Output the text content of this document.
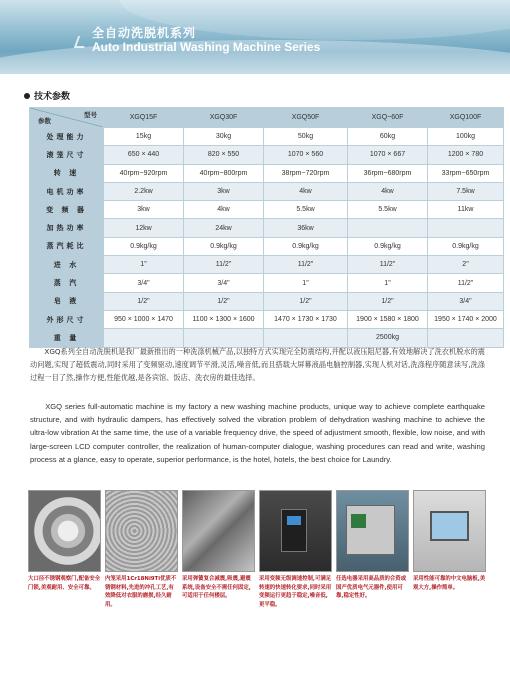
全自动洗脱机系列
Auto Industrial Washing Machine Series
技术参数
型号
参数	XGQ15F	XGQ30F	XGQ50F	XGQ~60F	XGQ100F
处理能力	15kg	30kg	50kg	60kg	100kg
滚笼尺寸	650 × 440	820 × 550	1070 × 560	1070 × 667	1200 × 780
转 速	40rpm~920rpm	40rpm~800rpm	38rpm~720rpm	36rpm~680rpm	33rpm~650rpm
电机功率	2.2kw	3kw	4kw	4kw	7.5kw
变 频 器	3kw	4kw	5.5kw	5.5kw	11kw
加热功率	12kw	24kw	36kw		
蒸汽耗比	0.9kg/kg	0.9kg/kg	0.9kg/kg	0.9kg/kg	0.9kg/kg
进 水	1"	11/2"	11/2"	11/2"	2"
蒸 汽	3/4"	3/4"	1"	1"	11/2"
皂 液	1/2"	1/2"	1/2"	1/2"	3/4"
外形尺寸	950 × 1000 × 1470	1100 × 1300 × 1600	1470 × 1730 × 1730	1900 × 1580 × 1800	1950 × 1740 × 2000
重 量				2500kg	
XGQ系列全自动洗脱机是我厂最新推出的一种洗涤机械产品,以独特方式实现完全防震结构,并配以液压阻尼器,有效地解决了洗衣机脱水的震动问题,实现了超低震动,同时采用了变频驱动,速度调节平滑,灵活,噪音低,而且搭载大屏幕液晶电脑控制器,实现人机对话,洗涤程序随意读写,洗涤过程一目了然,操作方便,性能优越,是各宾馆、饭店、洗衣房的最佳选择。
XGQ series full-automatic machine is my factory a new washing machine products, unique way to achieve complete earthquake structure, and with hydraulic dampers, has effectively solved the vibration problem of dehydration washing machine to achieve the ultra-low vibration At the same time, the use of a variable frequency drive, the speed of adjustment smooth, flexible, low noise, and with large-screen LCD computer controller, the realization of human-computer dialogue, washing procedures can read and write, washing process at a glance, easy to operate, superior performance, is the hotel, hotels, the best choice for Laundry.
大口径不锈钢观察门,配备安全门锁,美观耐用、安全可靠。
内笼采用1Cr18Ni9Ti优质不锈钢材料,先进的冲孔工艺,有效降低对衣服的磨损,经久耐用。
采用弹簧复合减震,吸震,避震系统,设备安全不需任何固定,可适用于任何楼层。
采用变频无级调速控制,可满足转速的快速转化要求,同时采用变频运行更趋于稳定,噪音低,更平稳。
任选电器采用高品质的合资或国产优质电气元器件,使用可靠,稳定性好。
采用性能可靠的中文电脑板,美观大方,操作简单。
